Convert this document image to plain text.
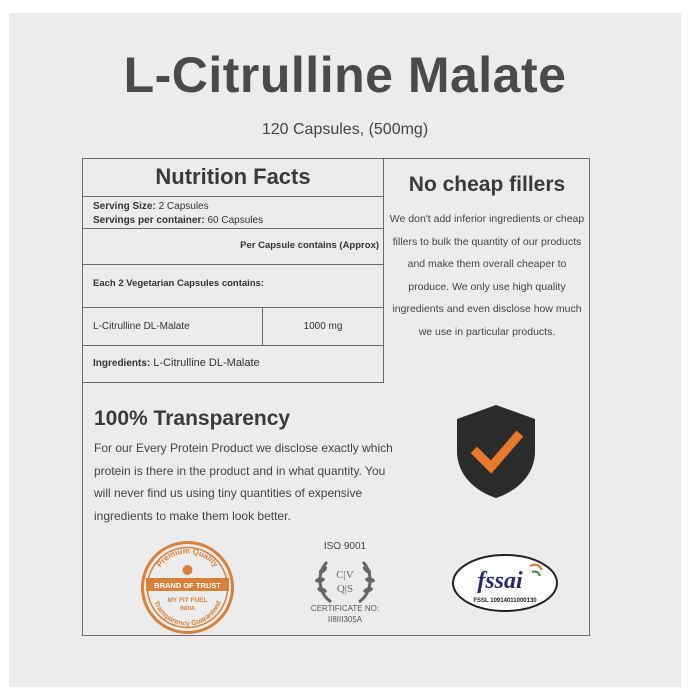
L-Citrulline Malate
120 Capsules, (500mg)
Nutrition Facts
Serving Size: 2 Capsules
Servings per container: 60 Capsules
Per Capsule contains (Approx)
Each 2 Vegetarian Capsules contains:
L-Citrulline DL-Malate	1000 mg
Ingredients: L-Citrulline DL-Malate
No cheap fillers
We don't add inferior ingredients or cheap fillers to bulk the quantity of our products and make them overall cheaper to produce. We only use high quality ingredients and even disclose how much we use in particular products.
100% Transparency
For our Every Protein Product we disclose exactly which protein is there in the product and in what quantity. You will never find us using tiny quantities of expensive ingredients to make them look better.
Premium Quality
Transparency Guaranteed
BRAND OF TRUST
MY FIT FUEL
INDIA
ISO 9001
C|V
Q|S
CERTIFICATE NO:
II8III305A
fssai
FSSL 10914011000130
